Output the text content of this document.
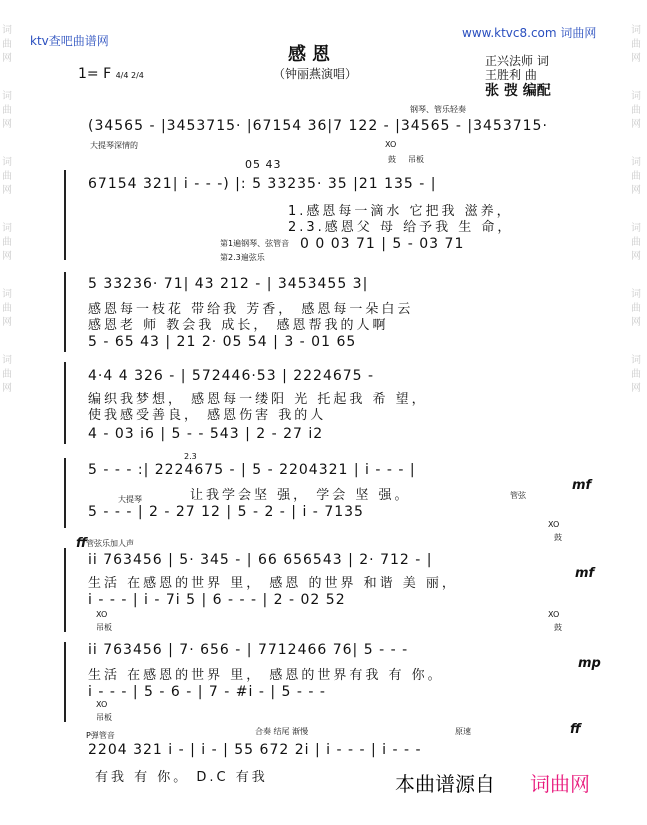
词曲网
词曲网
词曲网
词曲网
词曲网
词曲网
词曲网
词曲网
词曲网
词曲网
词曲网
词曲网
ktv查吧曲谱网
www.ktvc8.com 词曲网
感恩
（钟丽燕演唱）
1= F 4/4 2/4
正兴法师 词
王胜利 曲
张 弢 编配
(34565 - |3453715· |67154 36|7 122 - |34565 - |3453715·
大提琴深情的
钢琴、管乐轻奏
XO
鼓 吊板
05 43
67154 321| i - - -) |: 5 33235· 35 |21 135 - |
1.感恩每一滴水 它把我 滋养，
2.3.感恩父 母 给予我 生 命，
0 0 03 71 | 5 - 03 71
第1遍钢琴、弦管音
第2.3遍弦乐
5 33236· 71| 43 212 - | 3453455 3|
感恩每一枝花 带给我 芳香， 感恩每一朵白云
感恩老 师 教会我 成长， 感恩帮我的人啊
5 - 65 43 | 21 2· 05 54 | 3 - 01 65
4·4 4 326 - | 572446·53 | 2224675 -
编织我梦想， 感恩每一缕阳 光 托起我 希 望，
使我感受善良， 感恩伤害 我的人
4 - 03 i6 | 5 - - 543 | 2 - 27 i2
2.3
5 - - - :| 2224675 - | 5 - 2204321 | i - - - |
让我学会坚 强， 学会 坚 强。
5 - - - | 2 - 27 12 | 5 - 2 - | i - 7135
大提琴	管弦
XO
鼓
mf
管弦乐加人声
ii 763456 | 5· 345 - | 66 656543 | 2· 712 - |
生活 在感恩的世界 里， 感恩 的世界 和谐 美 丽，
i - - - | i - 7i 5 | 6 - - - | 2 - 02 52
XO
吊板
XO
鼓
ff
mf
ii 763456 | 7· 656 - | 7712466 76| 5 - - -
生活 在感恩的世界 里， 感恩的世界有我 有 你。
i - - - | 5 - 6 - | 7 - #i - | 5 - - -
XO
吊板
mp
P弹管音	合奏 结尾 渐慢	原速	ff
2204 321 i - | i - | 55 672 2i | i - - - | i - - -
有我 有 你。 D.C 有我	本曲谱源自 词曲网
